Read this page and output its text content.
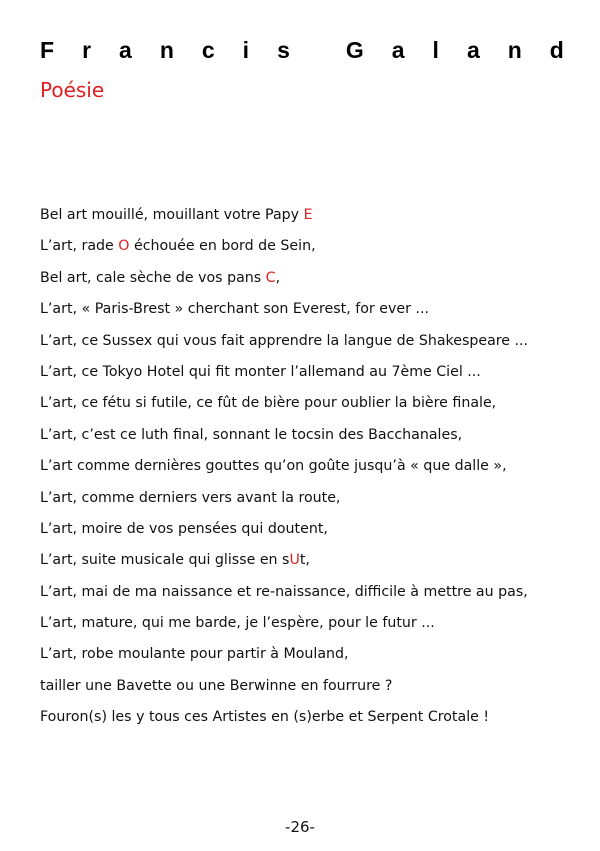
F r a n c i s G a l a n d
Poésie
Bel art mouillé, mouillant votre Papy E
L’art, rade O échouée en bord de Sein,
Bel art, cale sèche de vos pans C,
L’art, « Paris-Brest » cherchant son Everest, for ever ...
L’art, ce Sussex qui vous fait apprendre la langue de Shakespeare ...
L’art, ce Tokyo Hotel qui fit monter l’allemand au 7ème Ciel ...
L’art, ce fétu si futile, ce fût de bière pour oublier la bière finale,
L’art, c’est ce luth final, sonnant le tocsin des Bacchanales,
L’art comme dernières gouttes qu’on goûte jusqu’à « que dalle »,
L’art, comme derniers vers avant la route,
L’art, moire de vos pensées qui doutent,
L’art, suite musicale qui glisse en sUt,
L’art, mai de ma naissance et re-naissance, difficile à mettre au pas,
L’art, mature, qui me barde, je l’espère, pour le futur ...
L’art, robe moulante pour partir à Mouland,
tailler une Bavette ou une Berwinne en fourrure ?
Fouron(s) les y tous ces Artistes en (s)erbe et Serpent Crotale !
-26-
